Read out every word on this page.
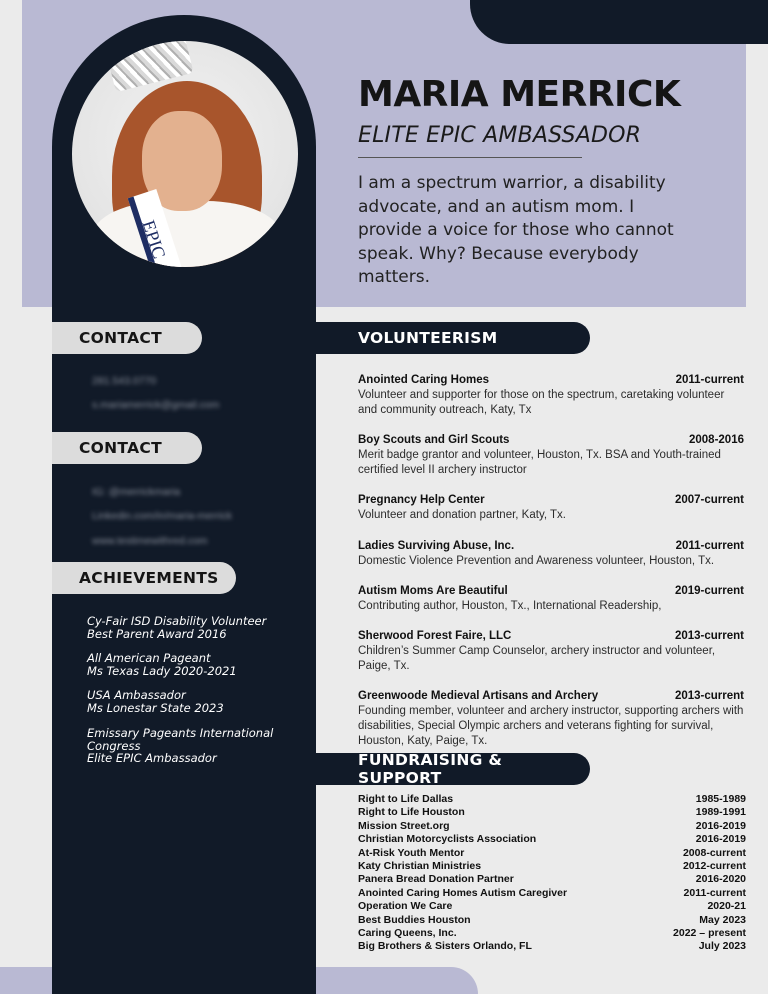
EPIC
MARIA MERRICK
ELITE EPIC AMBASSADOR
I am a spectrum warrior, a disability advocate, and an autism mom. I provide a voice for those who cannot speak. Why? Because everybody matters.
CONTACT
281.543.0770
s.mariamerrick@gmail.com
CONTACT
IG: @merrickmaria
Linkedin.com/in/maria-merrick
www.testimewithred.com
ACHIEVEMENTS
Cy-Fair ISD Disability Volunteer
Best Parent Award 2016
All American Pageant
Ms Texas Lady 2020-2021
USA Ambassador
Ms Lonestar State 2023
Emissary Pageants International
Congress
Elite EPIC Ambassador
VOLUNTEERISM
Anointed Caring Homes	2011-current
Volunteer and supporter for those on the spectrum, caretaking volunteer and community outreach, Katy, Tx
Boy Scouts and Girl Scouts	2008-2016
Merit badge grantor and volunteer, Houston, Tx. BSA and Youth-trained certified level II archery instructor
Pregnancy Help Center	2007-current
Volunteer and donation partner, Katy, Tx.
Ladies Surviving Abuse, Inc.	2011-current
Domestic Violence Prevention and Awareness volunteer, Houston, Tx.
Autism Moms Are Beautiful	2019-current
Contributing author, Houston, Tx., International Readership,
Sherwood Forest Faire, LLC	2013-current
Children’s Summer Camp Counselor, archery instructor and volunteer, Paige, Tx.
Greenwoode Medieval Artisans and Archery	2013-current
Founding member, volunteer and archery instructor, supporting archers with disabilities, Special Olympic archers and veterans fighting for survival, Houston, Katy, Paige, Tx.
FUNDRAISING & SUPPORT
Right to Life Dallas	1985-1989
Right to Life Houston	1989-1991
Mission Street.org	2016-2019
Christian Motorcyclists Association	2016-2019
At-Risk Youth Mentor	2008-current
Katy Christian Ministries	2012-current
Panera Bread Donation Partner	2016-2020
Anointed Caring Homes Autism Caregiver	2011-current
Operation We Care	2020-21
Best Buddies Houston	May 2023
Caring Queens, Inc.	2022 – present
Big Brothers & Sisters Orlando, FL	July 2023
